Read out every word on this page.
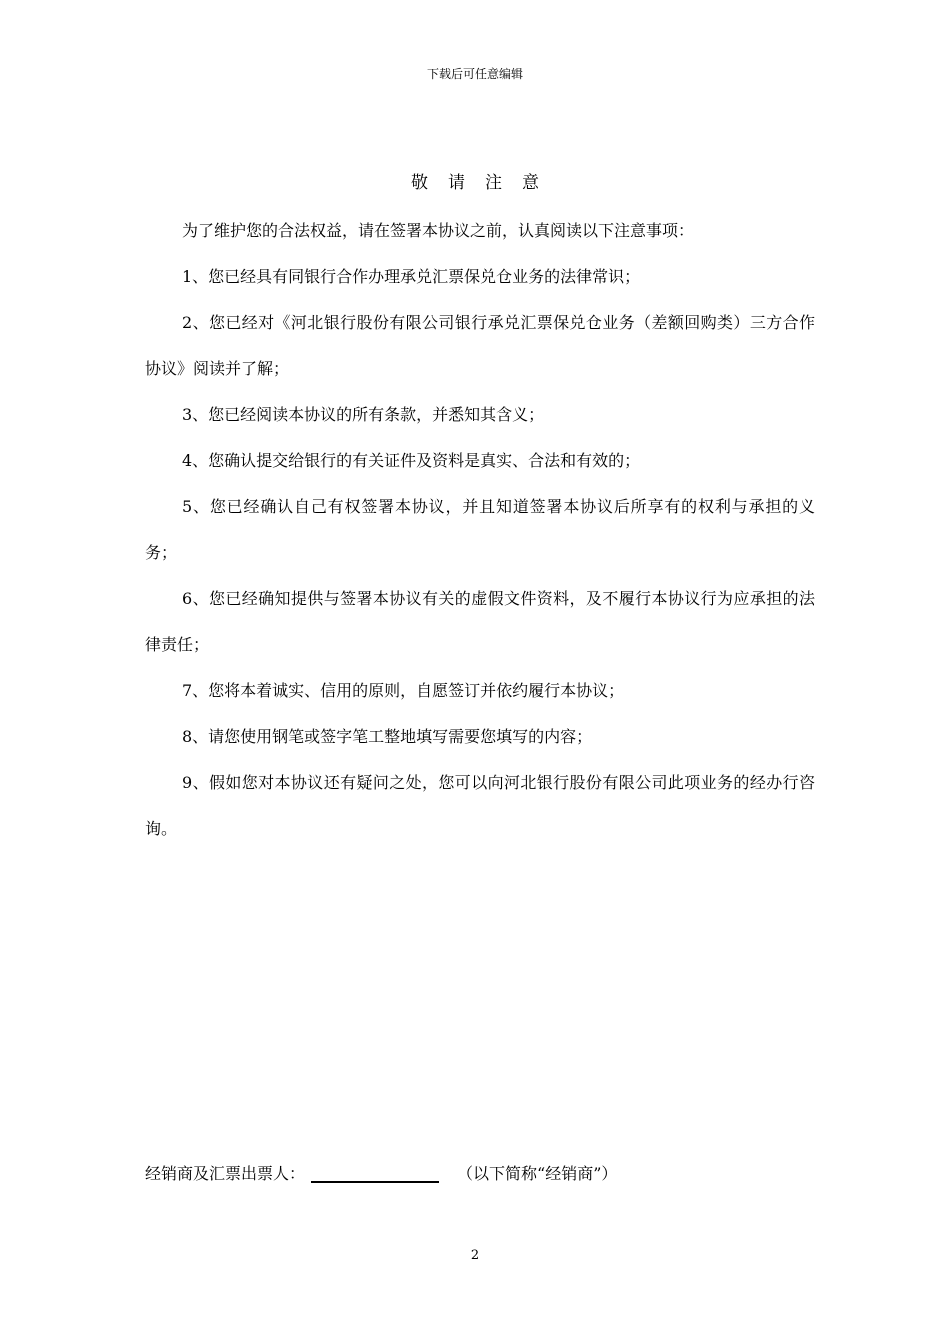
下载后可任意编辑
敬请注意

为了维护您的合法权益，请在签署本协议之前，认真阅读以下注意事项：

1、您已经具有同银行合作办理承兑汇票保兑仓业务的法律常识；

2、您已经对《河北银行股份有限公司银行承兑汇票保兑仓业务（差额回购类）三方合作协议》阅读并了解；

3、您已经阅读本协议的所有条款，并悉知其含义；

4、您确认提交给银行的有关证件及资料是真实、合法和有效的；

5、您已经确认自己有权签署本协议，并且知道签署本协议后所享有的权利与承担的义务；

6、您已经确知提供与签署本协议有关的虚假文件资料，及不履行本协议行为应承担的法律责任；

7、您将本着诚实、信用的原则，自愿签订并依约履行本协议；

8、请您使用钢笔或签字笔工整地填写需要您填写的内容；

9、假如您对本协议还有疑问之处，您可以向河北银行股份有限公司此项业务的经办行咨询。

经销商及汇票出票人：	（以下简称“经销商”）
2
